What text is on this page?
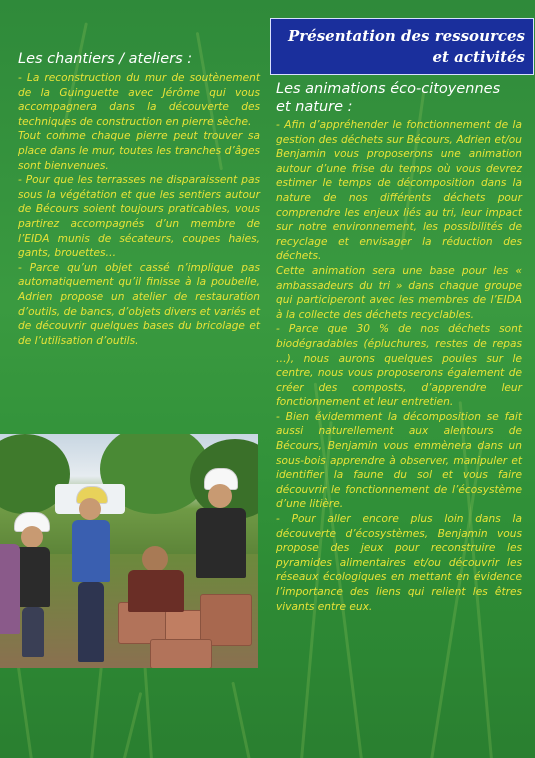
Présentation des ressources
et activités
Les chantiers / ateliers :

- La reconstruction du mur de soutènement de la Guinguette avec Jérôme qui vous accompagnera dans la découverte des techniques de construction en pierre sèche.

Tout comme chaque pierre peut trouver sa place dans le mur, toutes les tranches d’âges sont bienvenues.

- Pour que les terrasses ne disparaissent pas sous la végétation et que les sentiers autour de Bécours soient toujours praticables, vous partirez accompagnés d’un membre de l’EIDA munis de sécateurs, coupes haies, gants, brouettes…

- Parce qu’un objet cassé n’implique pas automatiquement qu’il finisse à la poubelle, Adrien propose un atelier de restauration d’outils, de bancs, d’objets divers et variés et de découvrir quelques bases du bricolage et de l’utilisation d’outils.

Les animations éco-citoyennes
et nature :

- Afin d’appréhender le fonctionnement de la gestion des déchets sur Bécours, Adrien et/ou Benjamin vous proposerons une animation autour d’une frise du temps où vous devrez estimer le temps de décomposition dans la nature de nos différents déchets pour comprendre les enjeux liés au tri, leur impact sur notre environnement, les possibilités de recyclage et envisager la réduction des déchets.

Cette animation sera une base pour les « ambassadeurs du tri » dans chaque groupe qui participeront avec les membres de l’EIDA à la collecte des déchets recyclables.

- Parce que 30 % de nos déchets sont biodégradables (épluchures, restes de repas …), nous aurons quelques poules sur le centre, nous vous proposerons également de créer des composts, d’apprendre leur fonctionnement et leur entretien.

- Bien évidemment la décomposition se fait aussi naturellement aux alentours de Bécours, Benjamin vous emmènera dans un sous-bois apprendre à observer, manipuler et identifier la faune du sol et vous faire découvrir le fonctionnement de l’écosystème d’une litière.

- Pour aller encore plus loin dans la découverte d’écosystèmes, Benjamin vous propose des jeux pour reconstruire les pyramides alimentaires et/ou découvrir les réseaux écologiques en mettant en évidence l’importance des liens qui relient les êtres vivants entre eux.
